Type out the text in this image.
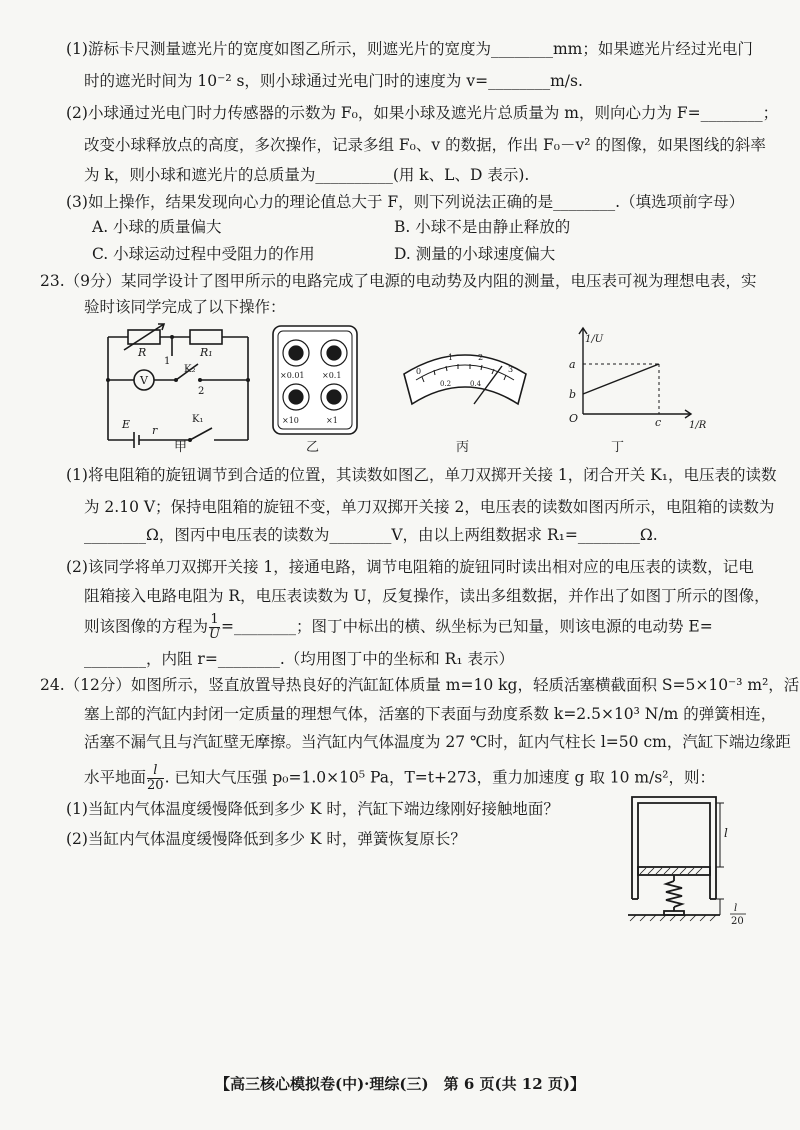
(1)游标卡尺测量遮光片的宽度如图乙所示，则遮光片的宽度为________mm；如果遮光片经过光电门
时的遮光时间为 10⁻² s，则小球通过光电门时的速度为 v=________m/s.
(2)小球通过光电门时力传感器的示数为 F₀，如果小球及遮光片总质量为 m，则向心力为 F=________；
改变小球释放点的高度，多次操作，记录多组 F₀、v 的数据，作出 F₀－v² 的图像，如果图线的斜率
为 k，则小球和遮光片的总质量为__________(用 k、L、D 表示).
(3)如上操作，结果发现向心力的理论值总大于 F，则下列说法正确的是________.（填选项前字母）
A. 小球的质量偏大	B. 小球不是由静止释放的
C. 小球运动过程中受阻力的作用	D. 测量的小球速度偏大
23.（9分）某同学设计了图甲所示的电路完成了电源的电动势及内阻的测量，电压表可视为理想电表，实
验时该同学完成了以下操作：
R	R₁
1
K₂
2
V
E r
K₁
甲
×0.01 ×0.1
×10	×1
乙
0
1	2
3
0.2	0.4
丙
1/U
1/R
a
b
O	c
丁
(1)将电阻箱的旋钮调节到合适的位置，其读数如图乙，单刀双掷开关接 1，闭合开关 K₁，电压表的读数
为 2.10 V；保持电阻箱的旋钮不变，单刀双掷开关接 2，电压表的读数如图丙所示，电阻箱的读数为
________Ω，图丙中电压表的读数为________V，由以上两组数据求 R₁=________Ω.
(2)该同学将单刀双掷开关接 1，接通电路，调节电阻箱的旋钮同时读出相对应的电压表的读数，记电
阻箱接入电路电阻为 R，电压表读数为 U，反复操作，读出多组数据，并作出了如图丁所示的图像，
则该图像的方程为 $\frac{1}{U}$ =________；图丁中标出的横、纵坐标为已知量，则该电源的电动势 E=
________，内阻 r=________.（均用图丁中的坐标和 R₁ 表示）
24.（12分）如图所示，竖直放置导热良好的汽缸缸体质量 m=10 kg，轻质活塞横截面积 S=5×10⁻³ m²，活
塞上部的汽缸内封闭一定质量的理想气体，活塞的下表面与劲度系数 k=2.5×10³ N/m 的弹簧相连，
活塞不漏气且与汽缸壁无摩擦。当汽缸内气体温度为 27 ℃时，缸内气柱长 l=50 cm，汽缸下端边缘距
水平地面 $\frac{l}{20}$ . 已知大气压强 p₀=1.0×10⁵ Pa，T=t+273，重力加速度 g 取 10 m/s²，则：
(1)当缸内气体温度缓慢降低到多少 K 时，汽缸下端边缘刚好接触地面？
(2)当缸内气体温度缓慢降低到多少 K 时，弹簧恢复原长？	l
l
20
【高三核心模拟卷(中)·理综(三)　第 6 页(共 12 页)】
